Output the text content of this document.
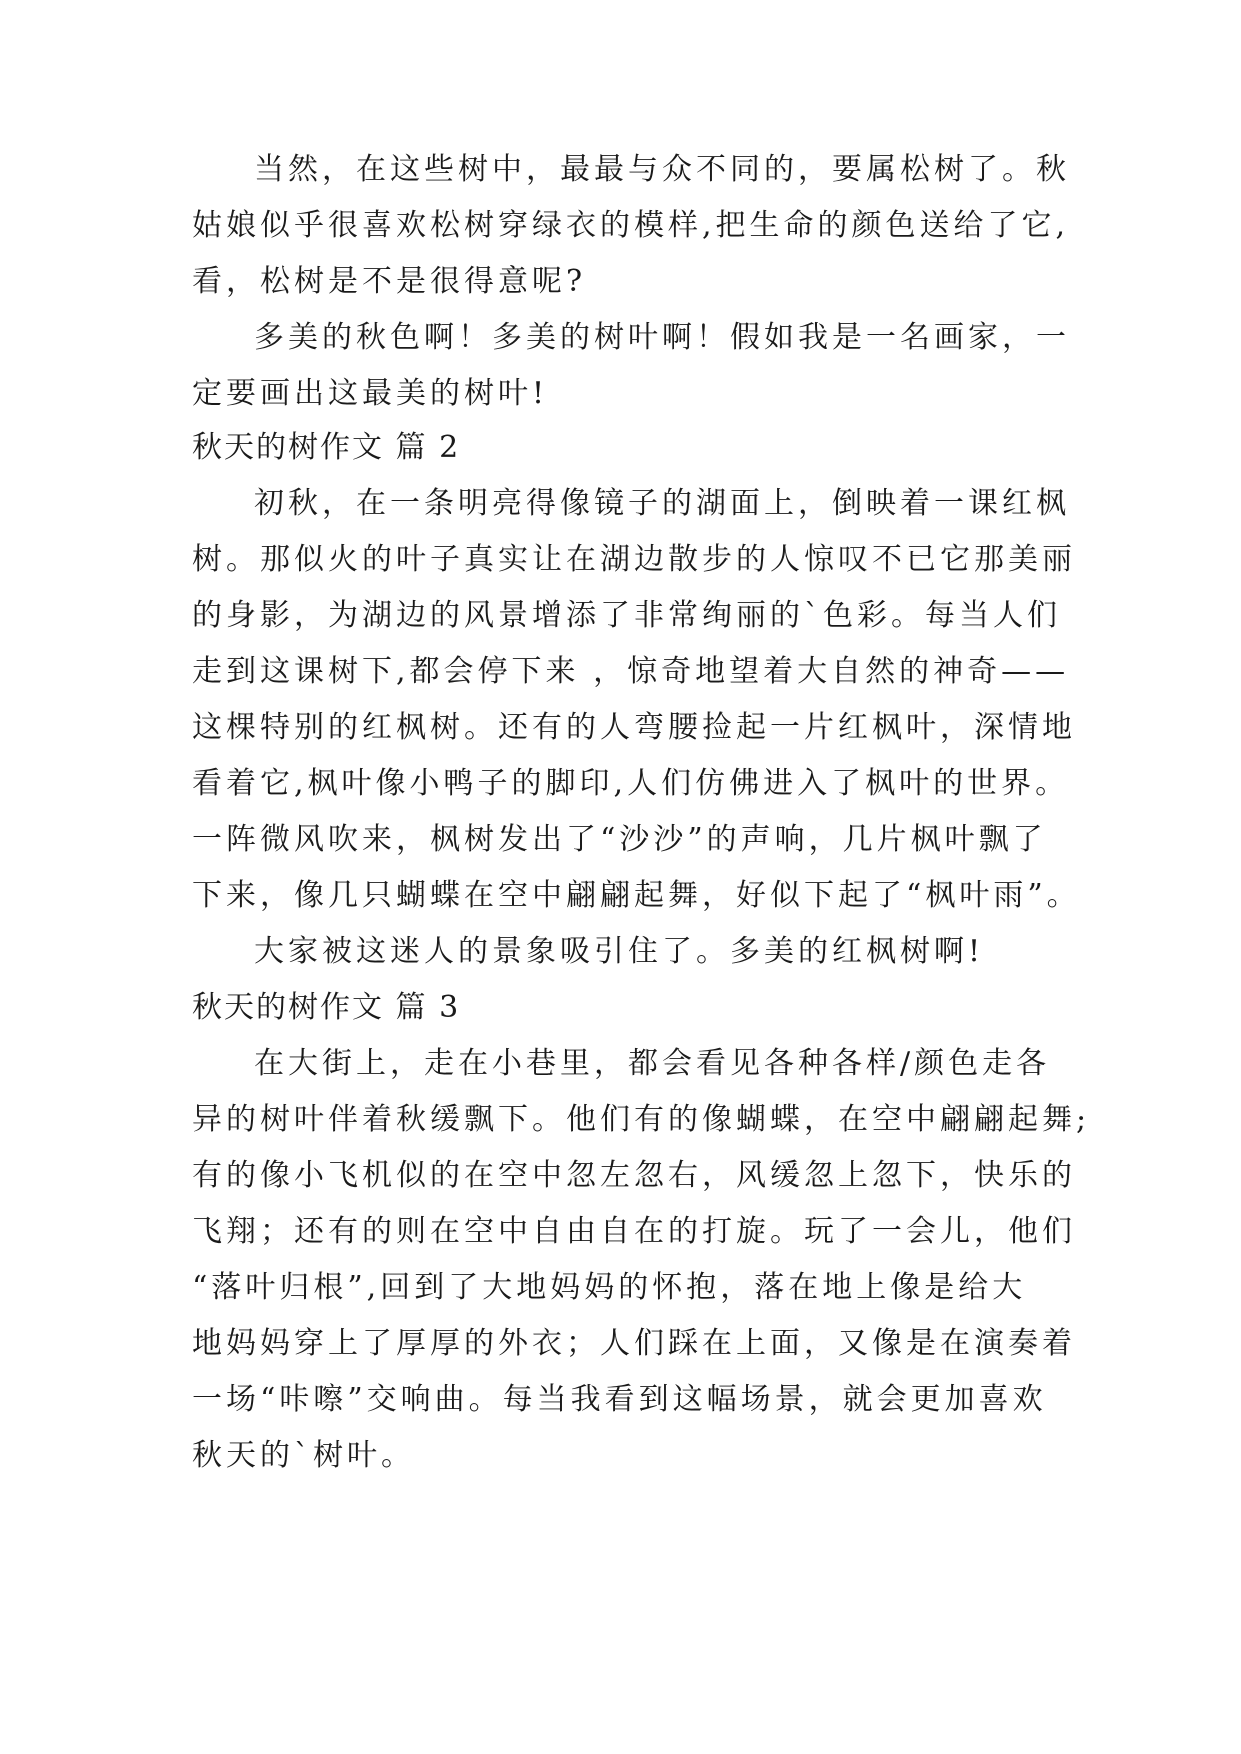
当然，在这些树中，最最与众不同的，要属松树了。秋
姑娘似乎很喜欢松树穿绿衣的模样,把生命的颜色送给了它,
看，松树是不是很得意呢?
多美的秋色啊！多美的树叶啊！假如我是一名画家，一
定要画出这最美的树叶!
秋天的树作文 篇 2
初秋，在一条明亮得像镜子的湖面上，倒映着一课红枫
树。那似火的叶子真实让在湖边散步的人惊叹不已它那美丽
的身影，为湖边的风景增添了非常绚丽的`色彩。每当人们
走到这课树下,都会停下来 ，惊奇地望着大自然的神奇——
这棵特别的红枫树。还有的人弯腰捡起一片红枫叶，深情地
看着它,枫叶像小鸭子的脚印,人们仿佛进入了枫叶的世界。
一阵微风吹来，枫树发出了“沙沙”的声响，几片枫叶飘了
下来，像几只蝴蝶在空中翩翩起舞，好似下起了“枫叶雨”。
大家被这迷人的景象吸引住了。多美的红枫树啊!
秋天的树作文 篇 3
在大街上，走在小巷里，都会看见各种各样/颜色走各
异的树叶伴着秋缓飘下。他们有的像蝴蝶，在空中翩翩起舞;
有的像小飞机似的在空中忽左忽右，风缓忽上忽下，快乐的
飞翔；还有的则在空中自由自在的打旋。玩了一会儿，他们
“落叶归根”,回到了大地妈妈的怀抱，落在地上像是给大
地妈妈穿上了厚厚的外衣；人们踩在上面，又像是在演奏着
一场“咔嚓”交响曲。每当我看到这幅场景，就会更加喜欢
秋天的`树叶。
